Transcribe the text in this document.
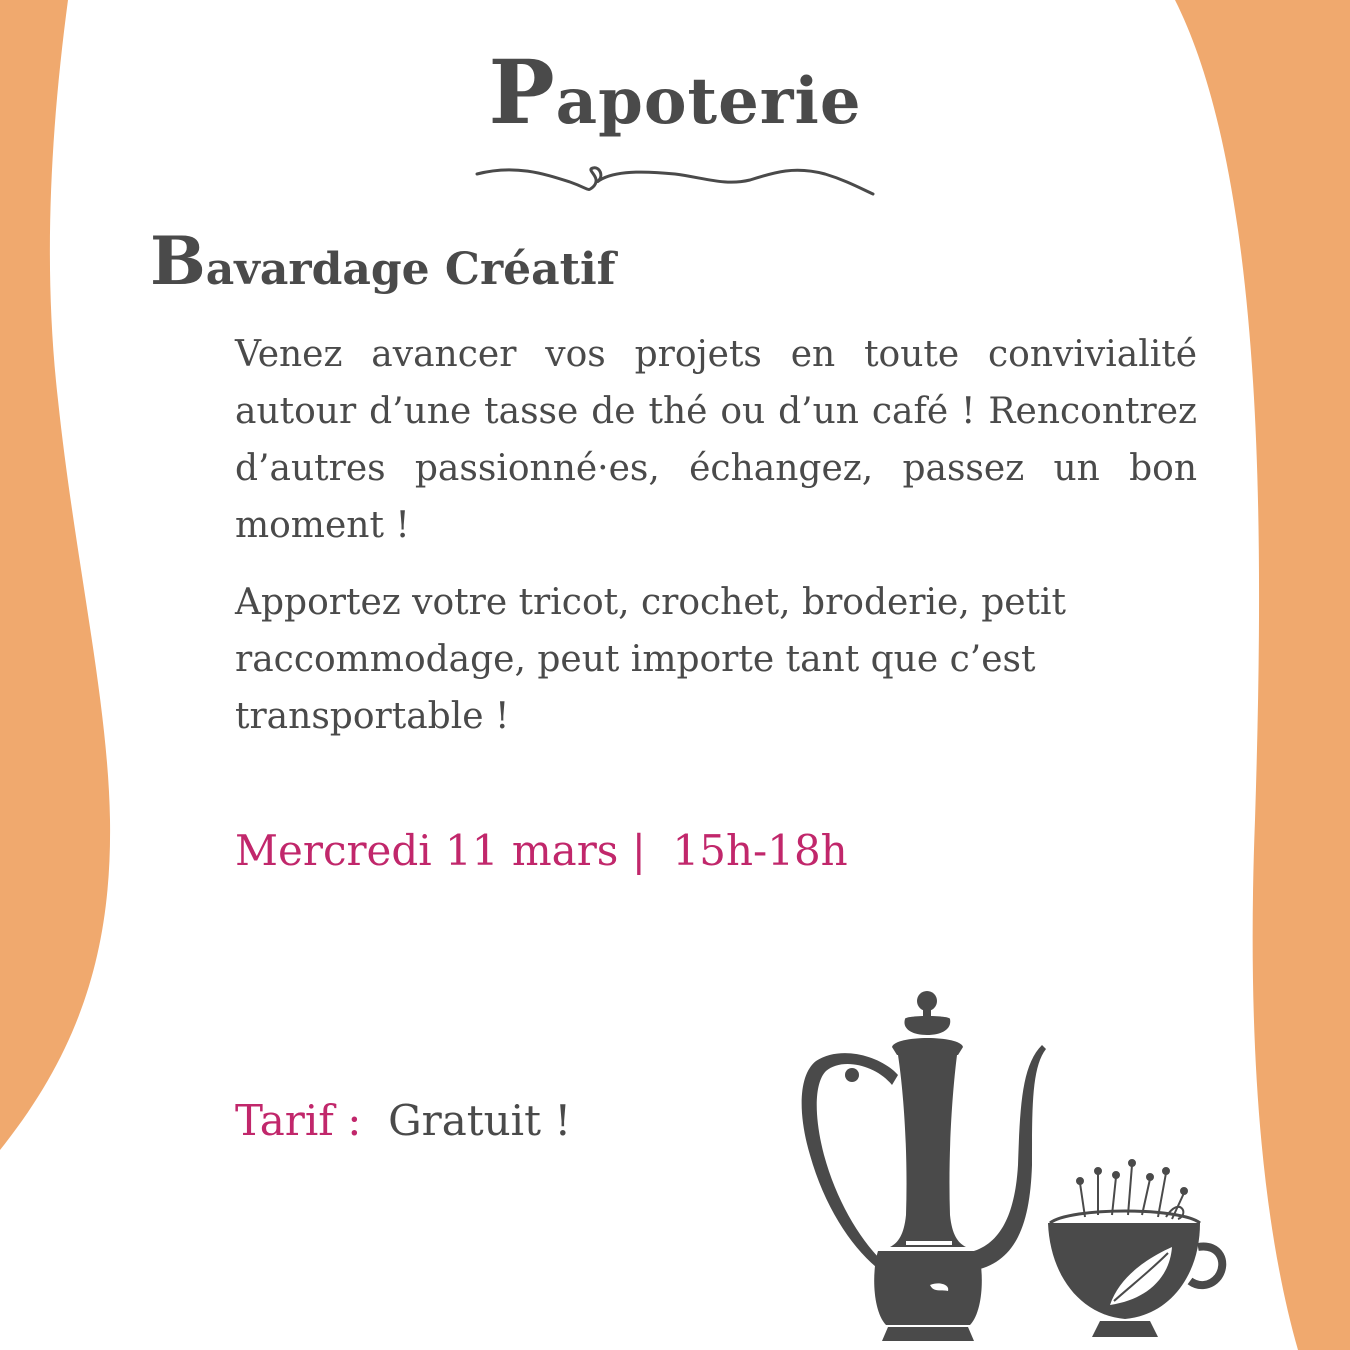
Papoterie
Bavardage Créatif

Venez avancer vos projets en toute convivialité autour d’une tasse de thé ou d’un café ! Rencontrez d’autres passionné·es, échangez, passez un bon moment !

Apportez votre tricot, crochet, broderie, petit raccommodage, peut importe tant que c’est transportable !

Mercredi 11 mars |  15h-18h
Tarif : Gratuit !
